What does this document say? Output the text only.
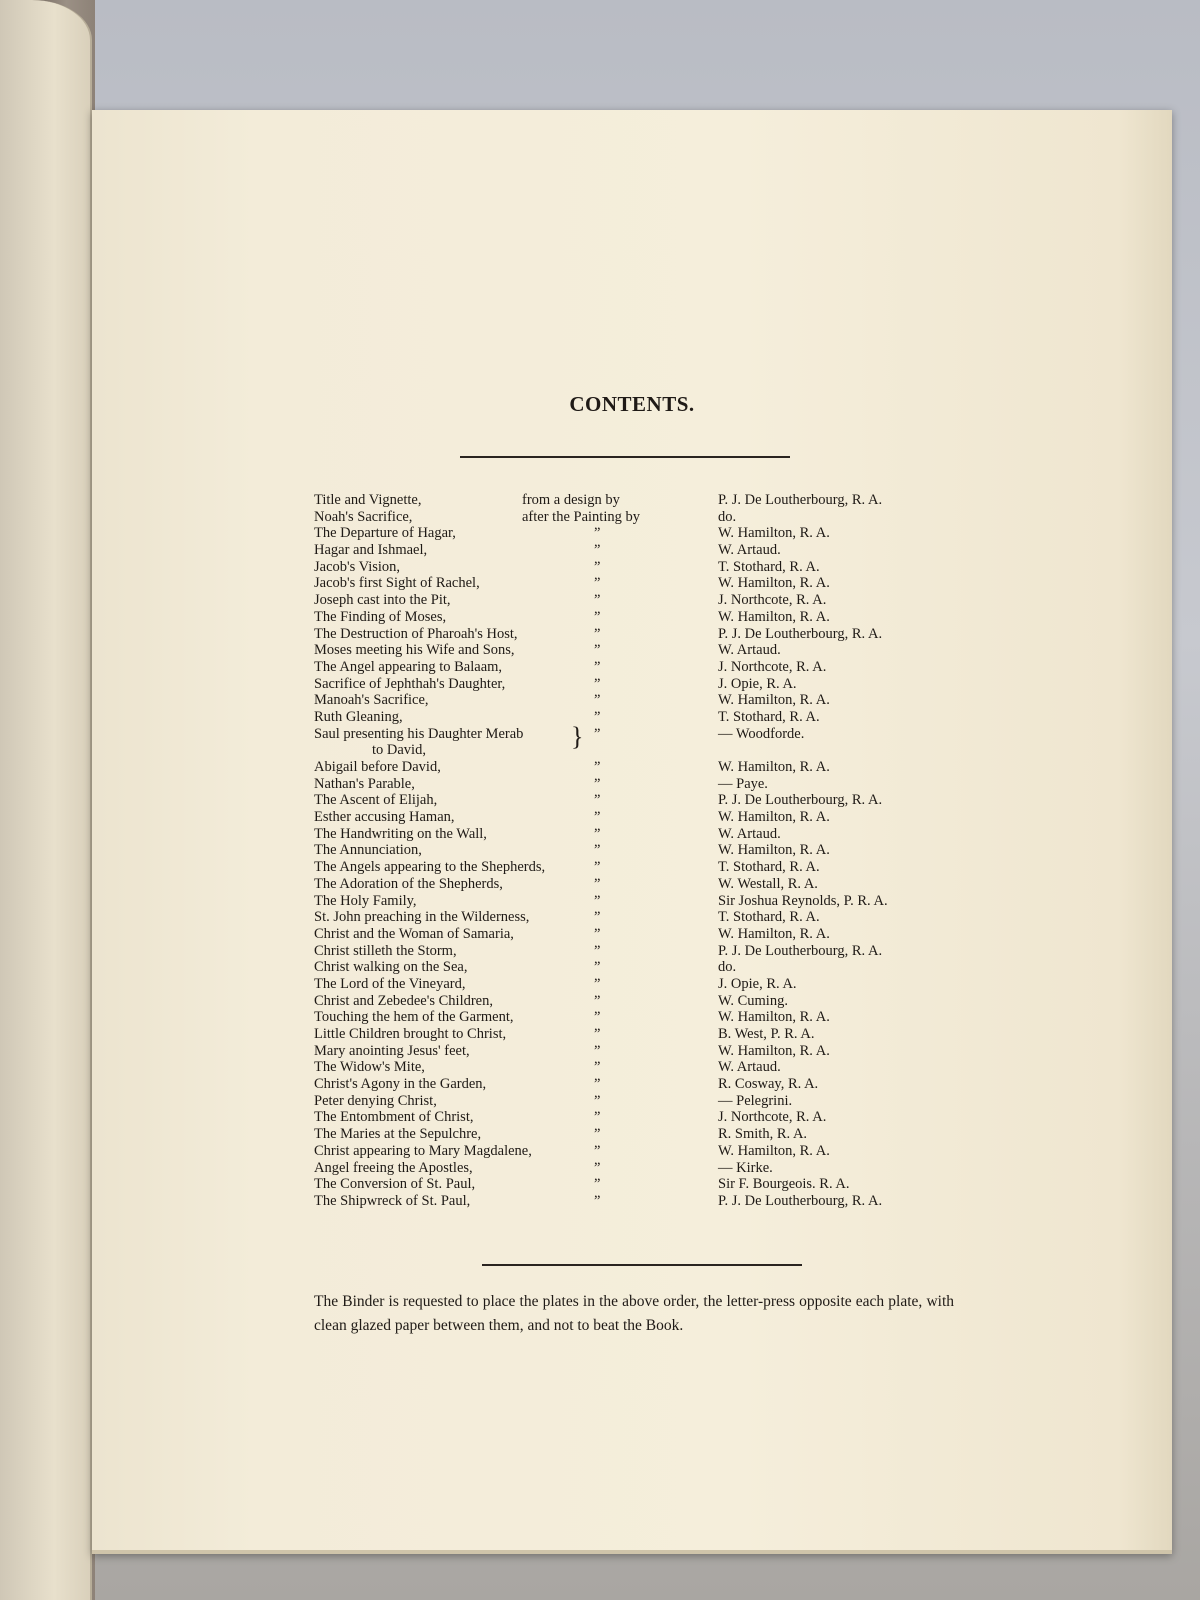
CONTENTS.
Title and Vignette,	from a design by	P. J. De Loutherbourg, R. A.
Noah's Sacrifice,	after the Painting by	do.
The Departure of Hagar,	”	W. Hamilton, R. A.
Hagar and Ishmael,	”	W. Artaud.
Jacob's Vision,	”	T. Stothard, R. A.
Jacob's first Sight of Rachel,	”	W. Hamilton, R. A.
Joseph cast into the Pit,	”	J. Northcote, R. A.
The Finding of Moses,	”	W. Hamilton, R. A.
The Destruction of Pharoah's Host,	”	P. J. De Loutherbourg, R. A.
Moses meeting his Wife and Sons,	”	W. Artaud.
The Angel appearing to Balaam,	”	J. Northcote, R. A.
Sacrifice of Jephthah's Daughter,	”	J. Opie, R. A.
Manoah's Sacrifice,	”	W. Hamilton, R. A.
Ruth Gleaning,	”	T. Stothard, R. A.
Saul presenting his Daughter Merab } ”	— Woodforde.
to David,
Abigail before David,	”	W. Hamilton, R. A.
Nathan's Parable,	”	— Paye.
The Ascent of Elijah,	”	P. J. De Loutherbourg, R. A.
Esther accusing Haman,	”	W. Hamilton, R. A.
The Handwriting on the Wall,	”	W. Artaud.
The Annunciation,	”	W. Hamilton, R. A.
The Angels appearing to the Shepherds,	”	T. Stothard, R. A.
The Adoration of the Shepherds,	”	W. Westall, R. A.
The Holy Family,	”	Sir Joshua Reynolds, P. R. A.
St. John preaching in the Wilderness,	”	T. Stothard, R. A.
Christ and the Woman of Samaria,	”	W. Hamilton, R. A.
Christ stilleth the Storm,	”	P. J. De Loutherbourg, R. A.
Christ walking on the Sea,	”	do.
The Lord of the Vineyard,	”	J. Opie, R. A.
Christ and Zebedee's Children,	”	W. Cuming.
Touching the hem of the Garment,	”	W. Hamilton, R. A.
Little Children brought to Christ,	”	B. West, P. R. A.
Mary anointing Jesus' feet,	”	W. Hamilton, R. A.
The Widow's Mite,	”	W. Artaud.
Christ's Agony in the Garden,	”	R. Cosway, R. A.
Peter denying Christ,	”	— Pelegrini.
The Entombment of Christ,	”	J. Northcote, R. A.
The Maries at the Sepulchre,	”	R. Smith, R. A.
Christ appearing to Mary Magdalene,	”	W. Hamilton, R. A.
Angel freeing the Apostles,	”	— Kirke.
The Conversion of St. Paul,	”	Sir F. Bourgeois. R. A.
The Shipwreck of St. Paul,	”	P. J. De Loutherbourg, R. A.
The Binder is requested to place the plates in the above order, the letter-press opposite each plate, with clean glazed paper between them, and not to beat the Book.
